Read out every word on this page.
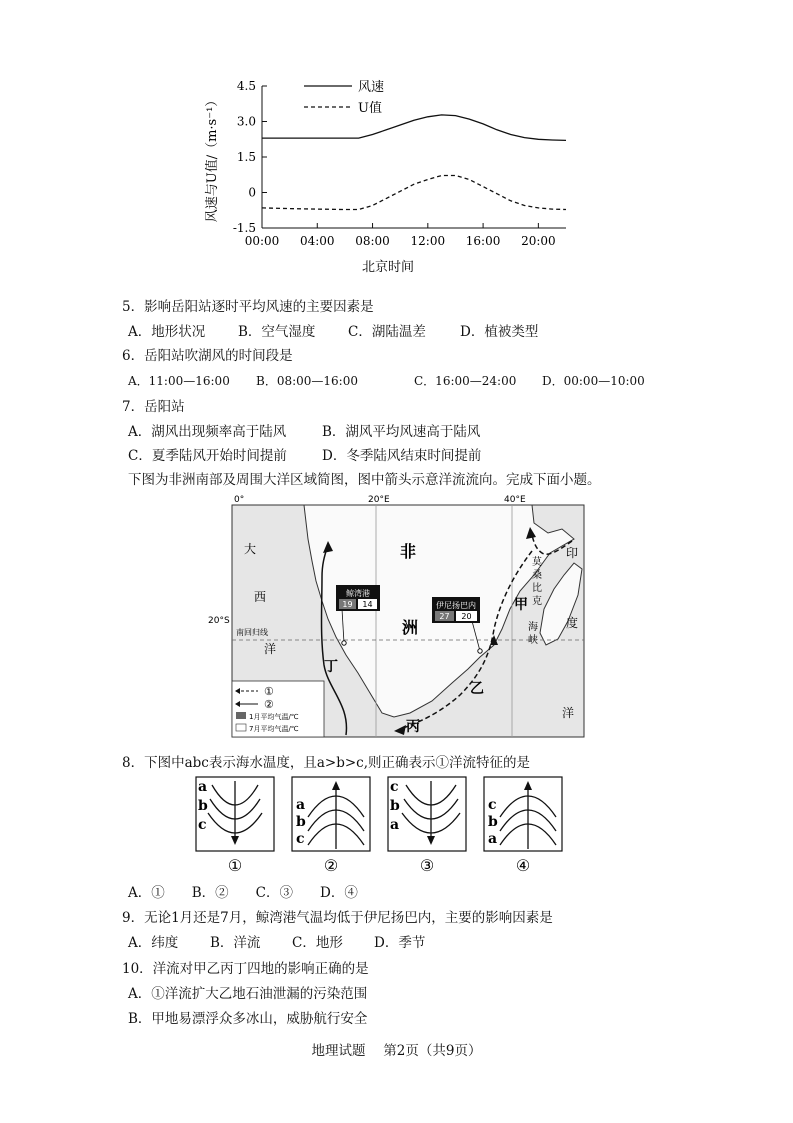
4.5
3.0
1.5
0
-1.5
00:00 04:00 08:00 12:00 16:00 20:00
风速与U值/（m·s⁻¹）
北京时间
风速
U值
5．影响岳阳站逐时平均风速的主要因素是
A．地形状况 B．空气湿度 C．湖陆温差	D．植被类型
6．岳阳站吹湖风的时间段是
A．11:00—16:00 B．08:00—16:00	C．16:00—24:00 D．00:00—10:00
7．岳阳站
A．湖风出现频率高于陆风	B．湖风平均风速高于陆风
C．夏季陆风开始时间提前	D．冬季陆风结束时间提前
下图为非洲南部及周围大洋区域简图，图中箭头示意洋流流向。完成下面小题。
0°	20°E	40°E
20°S
南回归线
大
西
洋
印
度
洋
非
洲
莫
桑
比
克
海
峡
甲
乙
丙
丁
鲸湾港
19 14	伊尼扬巴内
27 20
①
②
1月平均气温/℃
7月平均气温/℃
8．下图中abc表示海水温度，且a>b>c,则正确表示①洋流特征的是
a
b
c
①
a
b
c
②
c
b
a
③
c
b
a
④
A．①　　B．②　　C．③　　D．④
9．无论1月还是7月，鲸湾港气温均低于伊尼扬巴内，主要的影响因素是
A．纬度 B．洋流 C．地形 D．季节
10．洋流对甲乙丙丁四地的影响正确的是
A．①洋流扩大乙地石油泄漏的污染范围
B．甲地易漂浮众多冰山，威胁航行安全
地理试题　 第2页（共9页）
